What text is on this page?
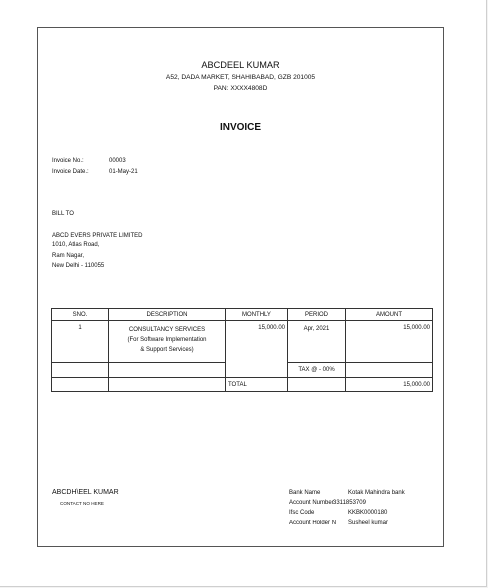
ABCDEEL KUMAR
A52, DADA MARKET, SHAHIBABAD, GZB 201005
PAN: XXXX4808D
INVOICE
Invoice No.:	00003
Invoice Date.:	01-May-21
BILL TO
ABCD EVERS PRIVATE LIMITED
1010, Atlas Road,
Ram Nagar,
New Delhi - 110055
SNO.	DESCRIPTION	MONTHLY	PERIOD	AMOUNT
1	CONSULTANCY SERVICES
(For Software Implementation
& Support Services)	15,000.00	Apr, 2021	15,000.00
			TAX @ - 00%	
		TOTAL		15,000.00
ABCDH\EEL KUMAR
CONTACT NO HERE
Bank Name	Kotak Mahindra bank
Account Number 3311853709
Ifsc Code	KKBK0000180
Account Holder N	Susheel kumar
